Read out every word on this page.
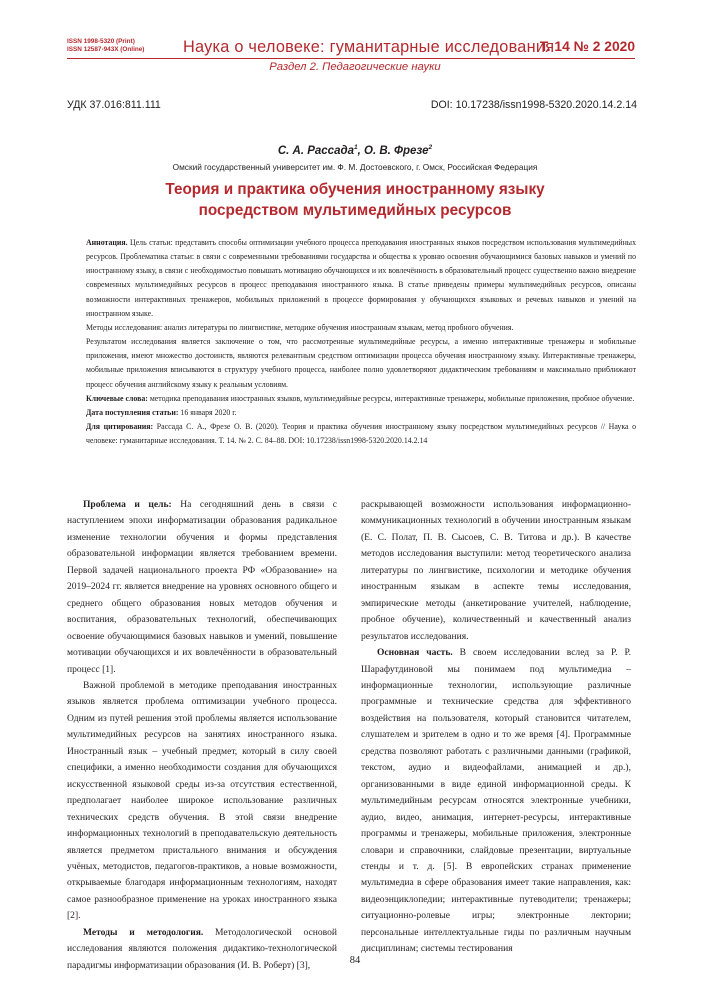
ISSN 1998-5320 (Print)
ISSN 12587-943X (Online) Наука о человеке: гуманитарные исследования
Т. 14 № 2 2020
Раздел 2. Педагогические науки
УДК 37.016:811.111	DOI: 10.17238/issn1998-5320.2020.14.2.14
С. А. Рассада$^1$, О. В. Фрезе$^2$
Омский государственный университет им. Ф. М. Достоевского, г. Омск, Российская Федерация
Теория и практика обучения иностранному языку
посредством мультимедийных ресурсов

Аннотация. Цель статьи: представить способы оптимизации учебного процесса преподавания иностранных языков посредством использования мультимедийных ресурсов. Проблематика статьи: в связи с современными требованиями государства и общества к уровню освоения обучающимися базовых навыков и умений по иностранному языку, в связи с необходимостью повышать мотивацию обучающихся и их вовлечённость в образовательный процесс существенно важно внедрение современных мультимедийных ресурсов в процесс преподавания иностранного языка. В статье приведены примеры мультимедийных ресурсов, описаны возможности интерактивных тренажеров, мобильных приложений в процессе формирования у обучающихся языковых и речевых навыков и умений на иностранном языке.

Методы исследования: анализ литературы по лингвистике, методике обучения иностранным языкам, метод пробного обучения.

Результатом исследования является заключение о том, что рассмотренные мультимедийные ресурсы, а именно интерактивные тренажеры и мобильные приложения, имеют множество достоинств, являются релевантным средством оптимизации процесса обучения иностранному языку. Интерактивные тренажеры, мобильные приложения вписываются в структуру учебного процесса, наиболее полно удовлетворяют дидактическим требованиям и максимально приближают процесс обучения английскому языку к реальным условиям.

Ключевые слова: методика преподавания иностранных языков, мультимедийные ресурсы, интерактивные тренажеры, мобильные приложения, пробное обучение.

Дата поступления статьи: 16 января 2020 г.

Для цитирования: Рассада С. А., Фрезе О. В. (2020). Теория и практика обучения иностранному языку посредством мультимедийных ресурсов // Наука о человеке: гуманитарные исследования. Т. 14. № 2. С. 84–88. DOI: 10.17238/issn1998-5320.2020.14.2.14

Проблема и цель: На сегодняшний день в связи с наступлением эпохи информатизации образования радикальное изменение технологии обучения и формы представления образовательной информации является требованием времени. Первой задачей национального проекта РФ «Образование» на 2019–2024 гг. является внедрение на уровнях основного общего и среднего общего образования новых методов обучения и воспитания, образовательных технологий, обеспечивающих освоение обучающимися базовых навыков и умений, повышение мотивации обучающихся и их вовлечённости в образовательный процесс [1].

Важной проблемой в методике преподавания иностранных языков является проблема оптимизации учебного процесса. Одним из путей решения этой проблемы является использование мультимедийных ресурсов на занятиях иностранного языка. Иностранный язык – учебный предмет, который в силу своей специфики, а именно необходимости создания для обучающихся искусственной языковой среды из-за отсутствия естественной, предполагает наиболее широкое использование различных технических средств обучения. В этой связи внедрение информационных технологий в преподавательскую деятельность является предметом пристального внимания и обсуждения учёных, методистов, педагогов-практиков, а новые возможности, открываемые благодаря информационным технологиям, находят самое разнообразное применение на уроках иностранного языка [2].

Методы и методология. Методологической основой исследования являются положения дидактико-технологической парадигмы информатизации образования (И. В. Роберт) [3],

раскрывающей возможности использования информационно-коммуникационных технологий в обучении иностранным языкам (Е. С. Полат, П. В. Сысоев, С. В. Титова и др.). В качестве методов исследования выступили: метод теоретического анализа литературы по лингвистике, психологии и методике обучения иностранным языкам в аспекте темы исследования, эмпирические методы (анкетирование учителей, наблюдение, пробное обучение), количественный и качественный анализ результатов исследования.

Основная часть. В своем исследовании вслед за Р. Р. Шарафутдиновой мы понимаем под мультимедиа – информационные технологии, использующие различные программные и технические средства для эффективного воздействия на пользователя, который становится читателем, слушателем и зрителем в одно и то же время [4]. Программные средства позволяют работать с различными данными (графикой, текстом, аудио и видеофайлами, анимацией и др.), организованными в виде единой информационной среды. К мультимедийным ресурсам относятся электронные учебники, аудио, видео, анимация, интернет-ресурсы, интерактивные программы и тренажеры, мобильные приложения, электронные словари и справочники, слайдовые презентации, виртуальные стенды и т. д. [5]. В европейских странах применение мультимедиа в сфере образования имеет такие направления, как: видеоэнциклопедии; интерактивные путеводители; тренажеры; ситуационно-ролевые игры; электронные лектории; персональные интеллектуальные гиды по различным научным дисциплинам; системы тестирования

84
